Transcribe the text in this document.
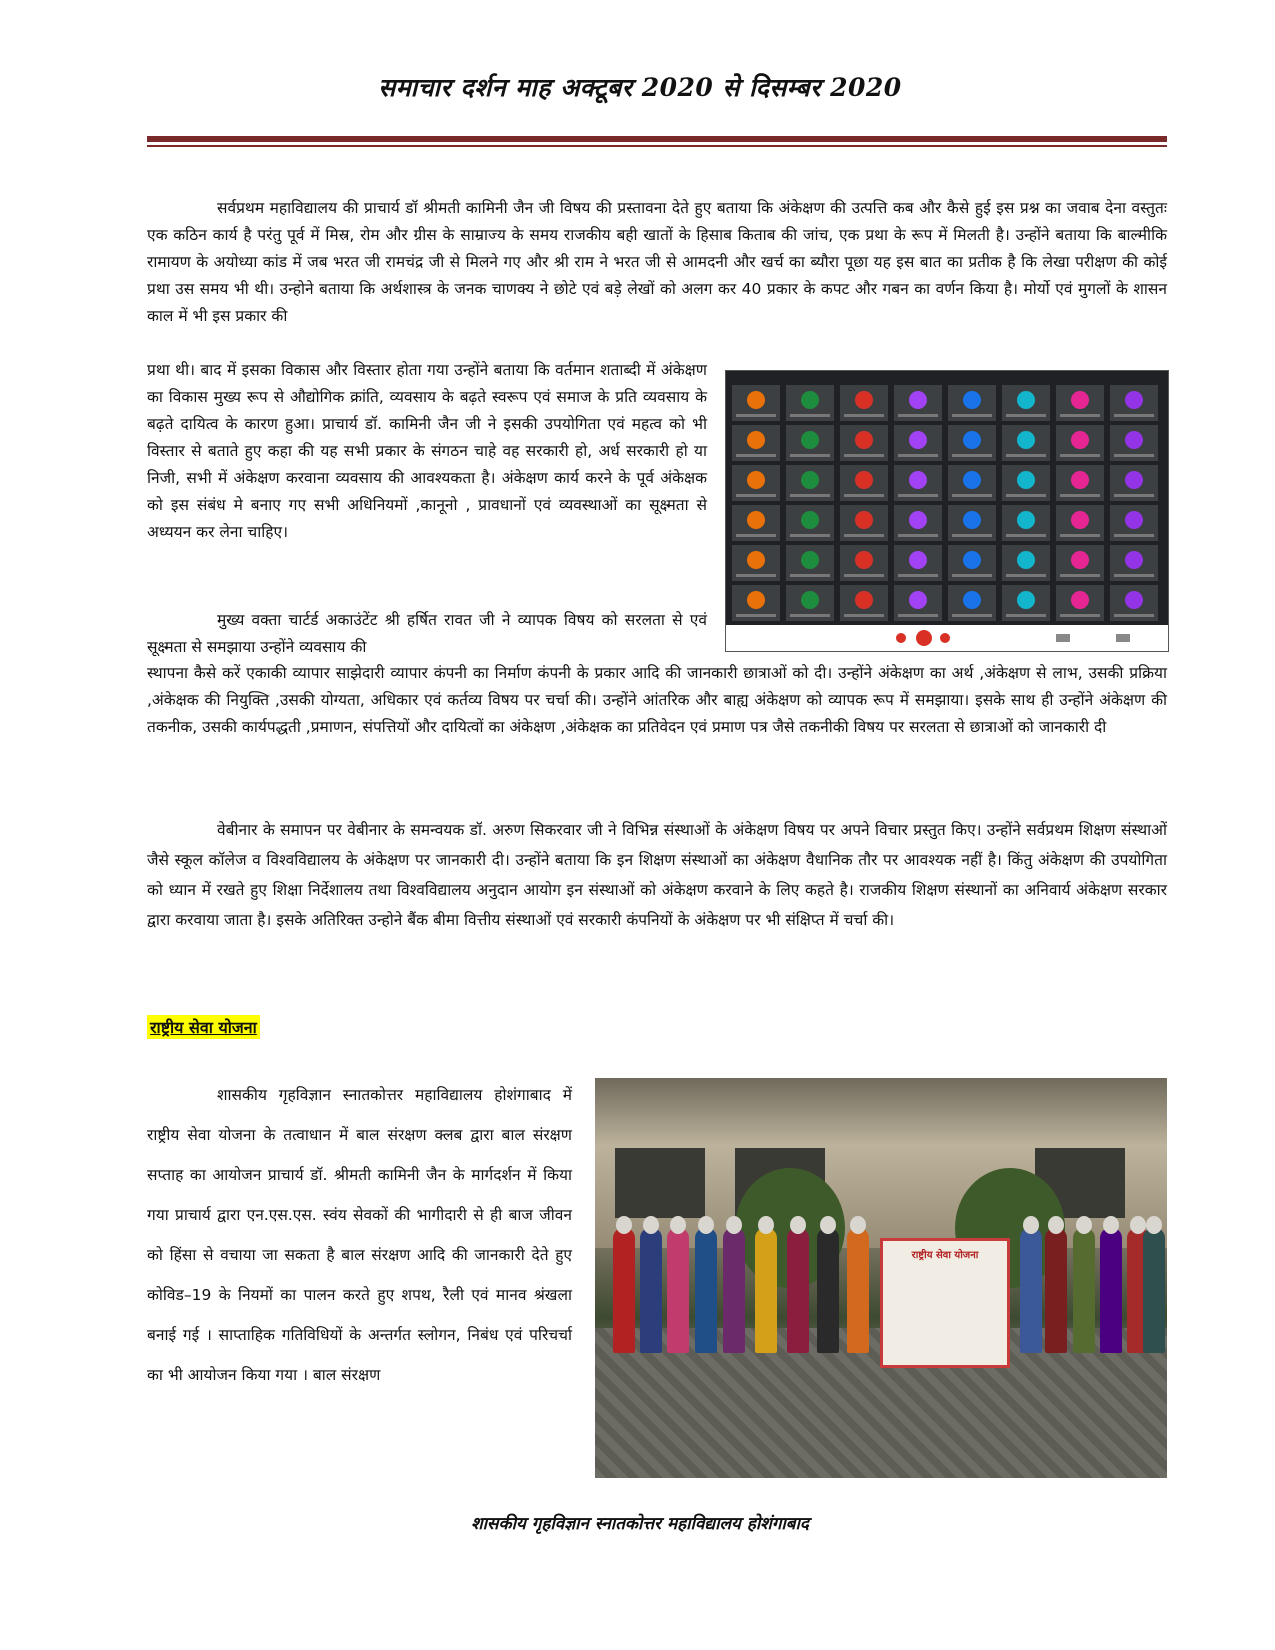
समाचार दर्शन माह अक्टूबर 2020 से दिसम्बर 2020

सर्वप्रथम महाविद्यालय की प्राचार्य डॉ श्रीमती कामिनी जैन जी विषय की प्रस्तावना देते हुए बताया कि अंकेक्षण की उत्पत्ति कब और कैसे हुई इस प्रश्न का जवाब देना वस्तुतः एक कठिन कार्य है परंतु पूर्व में मिस्र, रोम और ग्रीस के साम्राज्य के समय राजकीय बही खातों के हिसाब किताब की जांच, एक प्रथा के रूप में मिलती है। उन्होंने बताया कि बाल्मीकि रामायण के अयोध्या कांड में जब भरत जी रामचंद्र जी से मिलने गए और श्री राम ने भरत जी से आमदनी और खर्च का ब्यौरा पूछा यह इस बात का प्रतीक है कि लेखा परीक्षण की कोई प्रथा उस समय भी थी। उन्होने बताया कि अर्थशास्त्र के जनक चाणक्य ने छोटे एवं बड़े लेखों को अलग कर 40 प्रकार के कपट और गबन का वर्णन किया है। मोर्यो एवं मुगलों के शासन काल में भी इस प्रकार की

प्रथा थी। बाद में इसका विकास और विस्तार होता गया उन्होंने बताया कि वर्तमान शताब्दी में अंकेक्षण का विकास मुख्य रूप से औद्योगिक क्रांति, व्यवसाय के बढ़ते स्वरूप एवं समाज के प्रति व्यवसाय के बढ़ते दायित्व के कारण हुआ। प्राचार्य डॉ. कामिनी जैन जी ने इसकी उपयोगिता एवं महत्व को भी विस्तार से बताते हुए कहा की यह सभी प्रकार के संगठन चाहे वह सरकारी हो, अर्ध सरकारी हो या निजी, सभी में अंकेक्षण करवाना व्यवसाय की आवश्यकता है। अंकेक्षण कार्य करने के पूर्व अंकेक्षक को इस संबंध मे बनाए गए सभी अधिनियमों ,कानूनो , प्रावधानों एवं व्यवस्थाओं का सूक्ष्मता से अध्ययन कर लेना चाहिए।

मुख्य वक्ता चार्टर्ड अकाउंटेंट श्री हर्षित रावत जी ने व्यापक विषय को सरलता से एवं सूक्ष्मता से समझाया उन्होंने व्यवसाय की

स्थापना कैसे करें एकाकी व्यापार साझेदारी व्यापार कंपनी का निर्माण कंपनी के प्रकार आदि की जानकारी छात्राओं को दी। उन्होंने अंकेक्षण का अर्थ ,अंकेक्षण से लाभ, उसकी प्रक्रिया ,अंकेक्षक की नियुक्ति ,उसकी योग्यता, अधिकार एवं कर्तव्य विषय पर चर्चा की। उन्होंने आंतरिक और बाह्य अंकेक्षण को व्यापक रूप में समझाया। इसके साथ ही उन्होंने अंकेक्षण की तकनीक, उसकी कार्यपद्धती ,प्रमाणन, संपत्तियों और दायित्वों का अंकेक्षण ,अंकेक्षक का प्रतिवेदन एवं प्रमाण पत्र जैसे तकनीकी विषय पर सरलता से छात्राओं को जानकारी दी

वेबीनार के समापन पर वेबीनार के समन्वयक डॉ. अरुण सिकरवार जी ने विभिन्न संस्थाओं के अंकेक्षण विषय पर अपने विचार प्रस्तुत किए। उन्होंने सर्वप्रथम शिक्षण संस्थाओं जैसे स्कूल कॉलेज व विश्वविद्यालय के अंकेक्षण पर जानकारी दी। उन्होंने बताया कि इन शिक्षण संस्थाओं का अंकेक्षण वैधानिक तौर पर आवश्यक नहीं है। किंतु अंकेक्षण की उपयोगिता को ध्यान में रखते हुए शिक्षा निर्देशालय तथा विश्वविद्यालय अनुदान आयोग इन संस्थाओं को अंकेक्षण करवाने के लिए कहते है। राजकीय शिक्षण संस्थानों का अनिवार्य अंकेक्षण सरकार द्वारा करवाया जाता है। इसके अतिरिक्त उन्होने बैंक बीमा वित्तीय संस्थाओं एवं सरकारी कंपनियों के अंकेक्षण पर भी संक्षिप्त में चर्चा की।

राष्ट्रीय सेवा योजना

शासकीय गृहविज्ञान स्नातकोत्तर महाविद्यालय होशंगाबाद में राष्ट्रीय सेवा योजना के तत्वाधान में बाल संरक्षण क्लब द्वारा बाल संरक्षण सप्ताह का आयोजन प्राचार्य डॉ. श्रीमती कामिनी जैन के मार्गदर्शन में किया गया प्राचार्य द्वारा एन.एस.एस. स्वंय सेवकों की भागीदारी से ही बाज जीवन को हिंसा से वचाया जा सकता है बाल संरक्षण आदि की जानकारी देते हुए कोविड–19 के नियमों का पालन करते हुए शपथ, रैली एवं मानव श्रंखला बनाई गई । साप्ताहिक गतिविधियों के अन्तर्गत स्लोगन, निबंध एवं परिचर्चा का भी आयोजन किया गया । बाल संरक्षण

राष्ट्रीय सेवा योजना
शासकीय गृहविज्ञान स्नातकोत्तर महाविद्यालय होशंगाबाद
